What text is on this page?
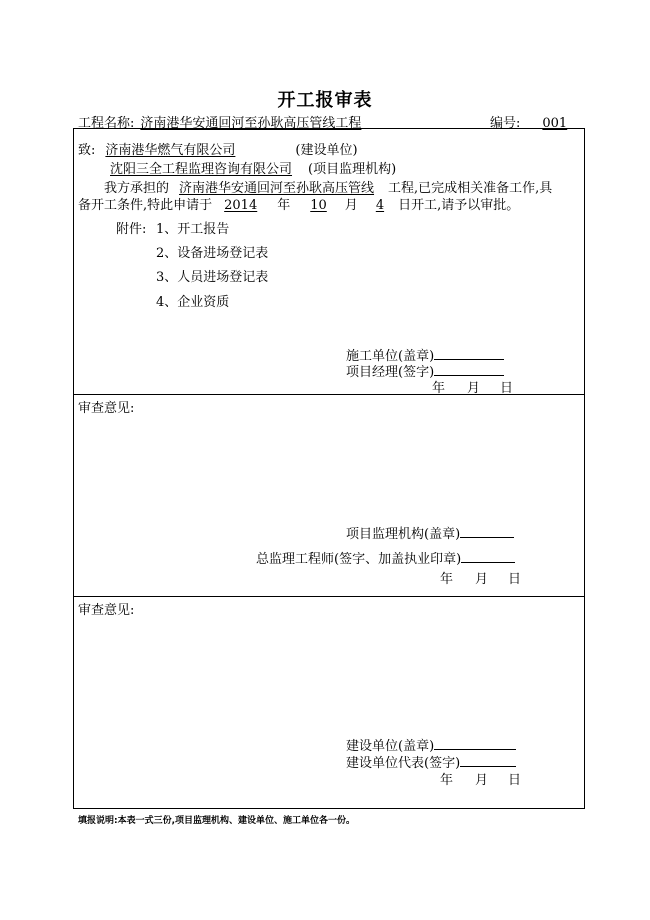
开工报审表
工程名称: 济南港华安通回河至孙耿高压管线工程	编号: 001
致: 济南港华燃气有限公司	(建设单位)
沈阳三全工程监理咨询有限公司 (项目监理机构)
我方承担的 济南港华安通回河至孙耿高压管线 工程,已完成相关准备工作,具
备开工条件,特此申请于 2014 年 10 月 4 日开工,请予以审批。
附件: 1、开工报告
2、设备进场登记表
3、人员进场登记表
4、企业资质
施工单位(盖章)
项目经理(签字)
年 月 日
审查意见:
项目监理机构(盖章)
总监理工程师(签字、加盖执业印章)
年 月 日
审查意见:
建设单位(盖章)
建设单位代表(签字)
年 月 日
填报说明:本表一式三份,项目监理机构、建设单位、施工单位各一份。
